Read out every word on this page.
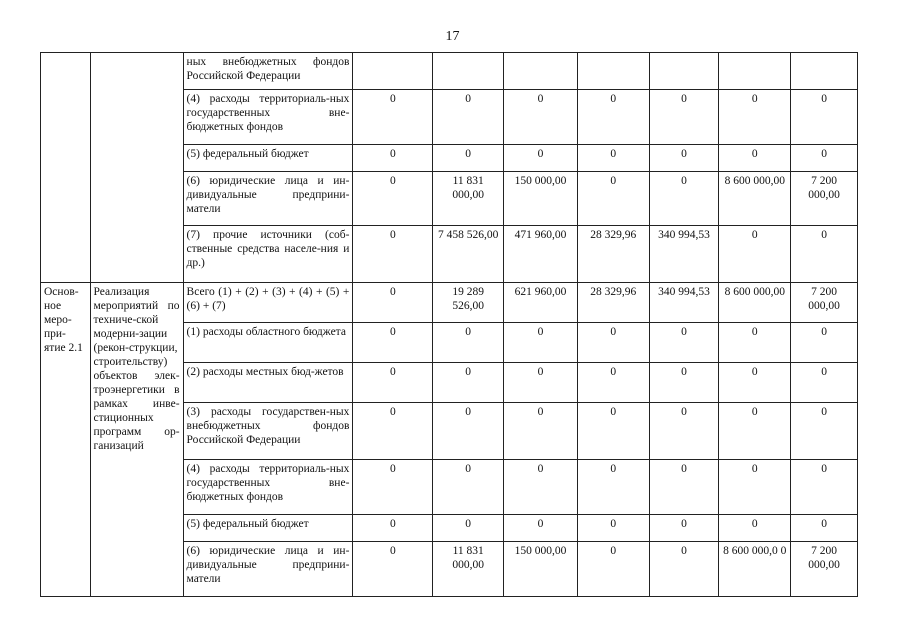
17
		ных внебюджетных фондов Российской Федерации							
		(4) расходы территориаль-ных государственных вне-бюджетных фондов	0	0	0	0	0	0	0
		(5) федеральный бюджет	0	0	0	0	0	0	0
		(6) юридические лица и ин-дивидуальные предприни-матели	0	11 831 000,00	150 000,00	0	0	8 600 000,00	7 200 000,00
		(7) прочие источники (соб-ственные средства населе-ния и др.)	0	7 458 526,00	471 960,00	28 329,96	340 994,53	0	0
Основ-ное меро-при-ятие 2.1	Реализация мероприятий по техниче-ской модерни-зации (рекон-струкции, строительству) объектов элек-троэнергетики в рамках инве-стиционных программ ор-ганизаций	Всего (1) + (2) + (3) + (4) + (5) + (6) + (7)	0	19 289 526,00	621 960,00	28 329,96	340 994,53	8 600 000,00	7 200 000,00
		(1) расходы областного бюджета	0	0	0	0	0	0	0
		(2) расходы местных бюд-жетов	0	0	0	0	0	0	0
		(3) расходы государствен-ных внебюджетных фондов Российской Федерации	0	0	0	0	0	0	0
		(4) расходы территориаль-ных государственных вне-бюджетных фондов	0	0	0	0	0	0	0
		(5) федеральный бюджет	0	0	0	0	0	0	0
		(6) юридические лица и ин-дивидуальные предприни-матели	0	11 831 000,00	150 000,00	0	0	8 600 000,0 0	7 200 000,00
